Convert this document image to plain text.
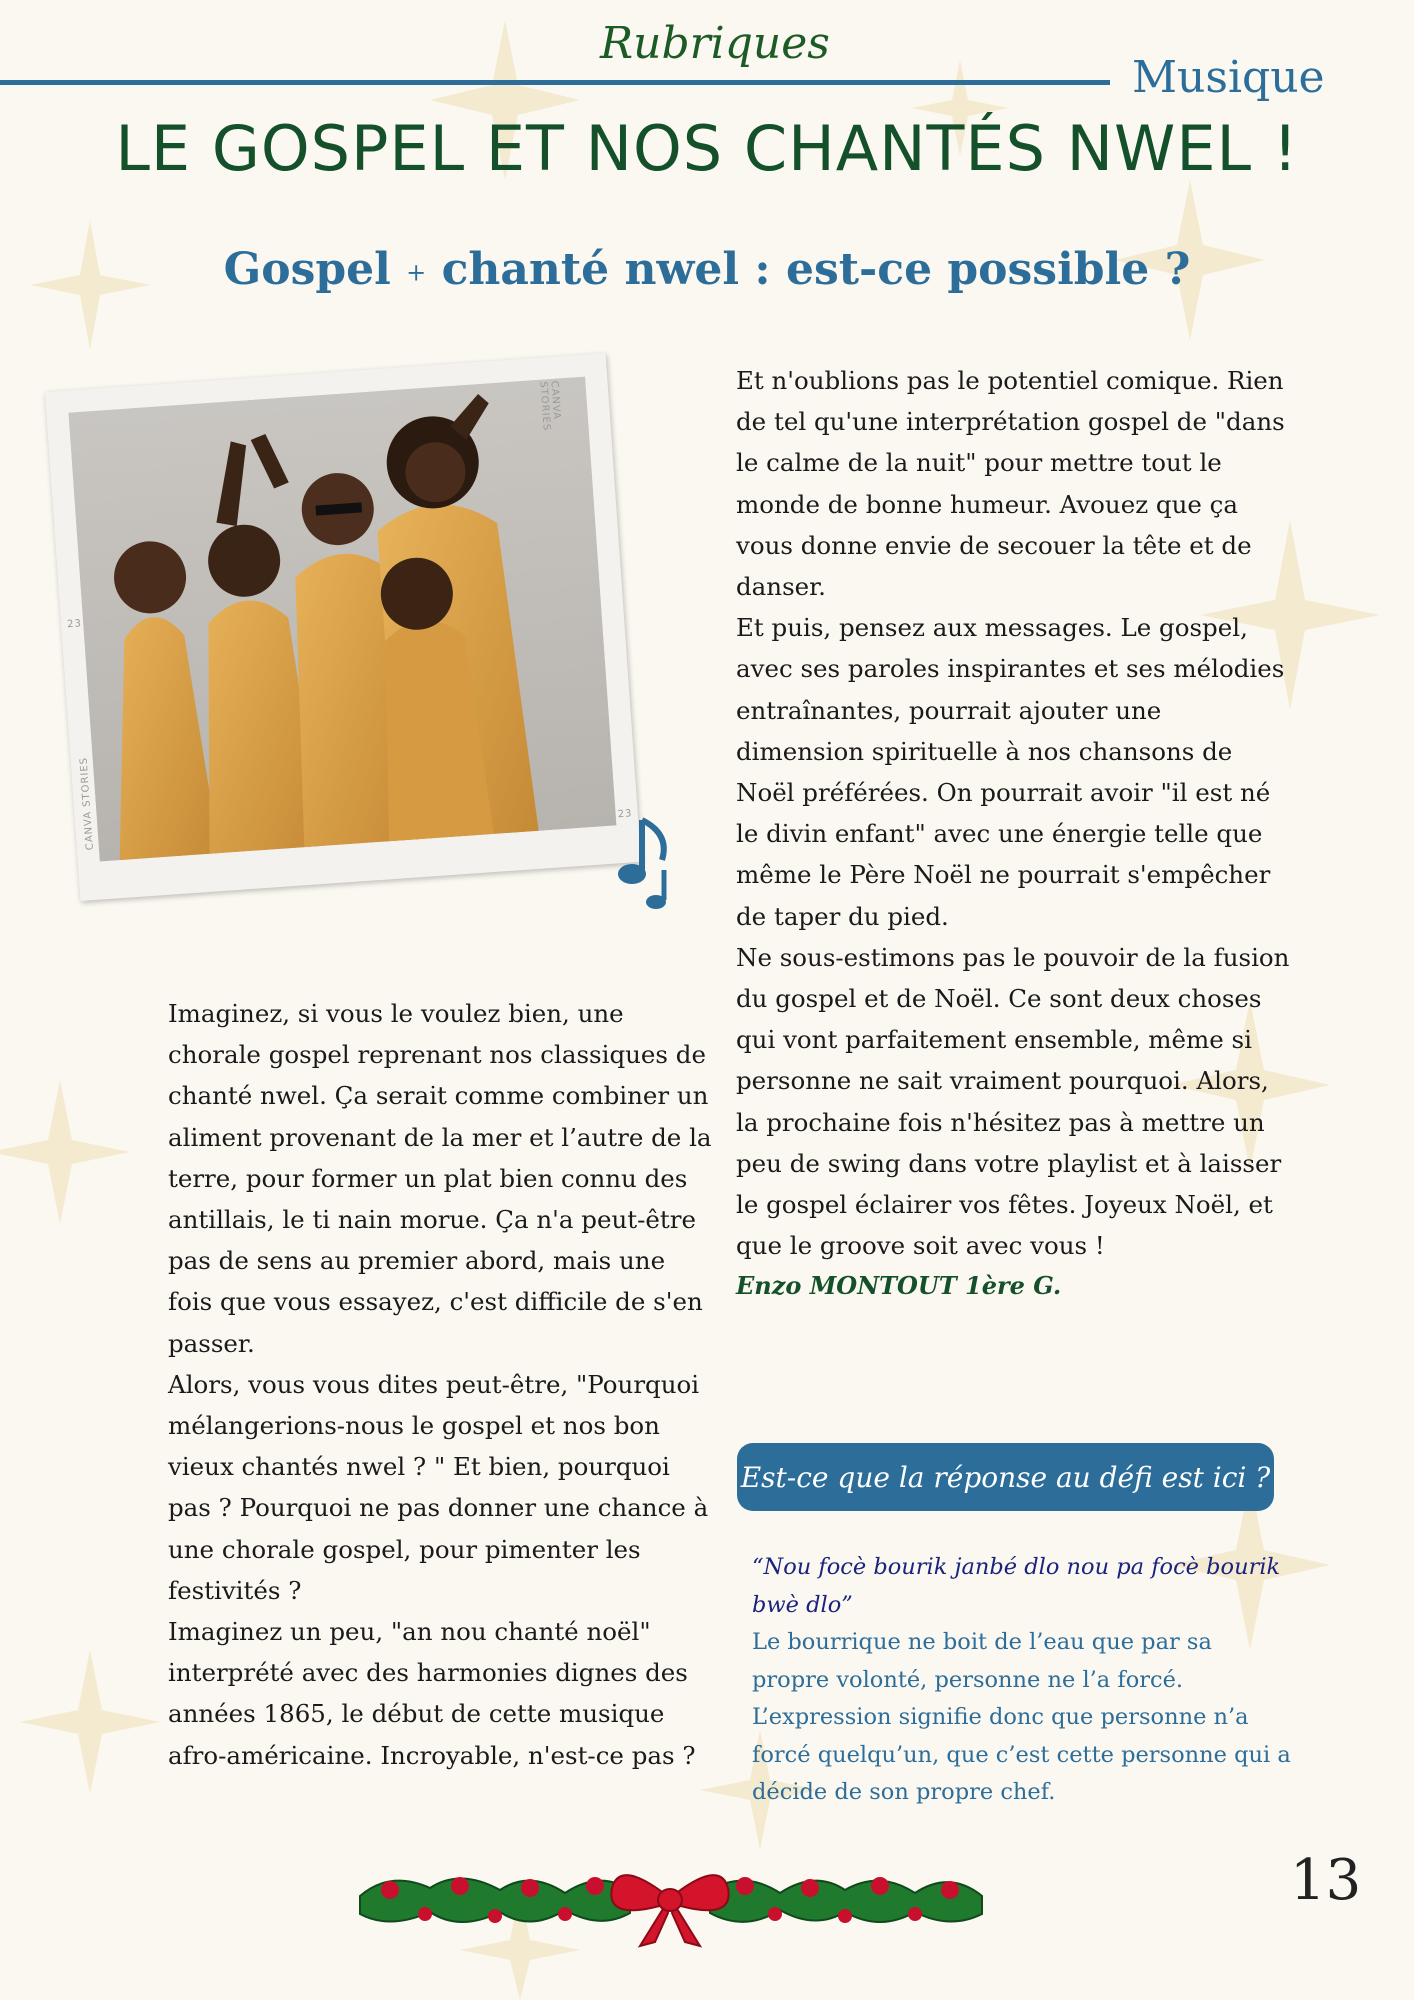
Rubriques
Musique
LE GOSPEL ET NOS CHANTÉS NWEL !
Gospel + chanté nwel : est-ce possible ?
CANVA STORIES
CANVA STORIES
23
23

Et n'oublions pas le potentiel comique. Rien de tel qu'une interprétation gospel de "dans le calme de la nuit" pour mettre tout le monde de bonne humeur. Avouez que ça vous donne envie de secouer la tête et de danser.

Et puis, pensez aux messages. Le gospel, avec ses paroles inspirantes et ses mélodies entraînantes, pourrait ajouter une dimension spirituelle à nos chansons de Noël préférées. On pourrait avoir "il est né le divin enfant" avec une énergie telle que même le Père Noël ne pourrait s'empêcher de taper du pied.

Ne sous-estimons pas le pouvoir de la fusion du gospel et de Noël. Ce sont deux choses qui vont parfaitement ensemble, même si personne ne sait vraiment pourquoi. Alors, la prochaine fois n'hésitez pas à mettre un peu de swing dans votre playlist et à laisser le gospel éclairer vos fêtes. Joyeux Noël, et que le groove soit avec vous !

Enzo MONTOUT 1ère G.

Imaginez, si vous le voulez bien, une chorale gospel reprenant nos classiques de chanté nwel. Ça serait comme combiner un aliment provenant de la mer et l’autre de la terre, pour former un plat bien connu des antillais, le ti nain morue. Ça n'a peut-être pas de sens au premier abord, mais une fois que vous essayez, c'est difficile de s'en passer.

Alors, vous vous dites peut-être, "Pourquoi mélangerions-nous le gospel et nos bon vieux chantés nwel ? " Et bien, pourquoi pas ? Pourquoi ne pas donner une chance à une chorale gospel, pour pimenter les festivités ?

Imaginez un peu, "an nou chanté noël" interprété avec des harmonies dignes des années 1865, le début de cette musique afro-américaine. Incroyable, n'est-ce pas ?

Est-ce que la réponse au défi est ici ?
“Nou focè bourik janbé dlo nou pa focè bourik bwè dlo”
Le bourrique ne boit de l’eau que par sa propre volonté, personne ne l’a forcé. L’expression signifie donc que personne n’a forcé quelqu’un, que c’est cette personne qui a décide de son propre chef.
13
